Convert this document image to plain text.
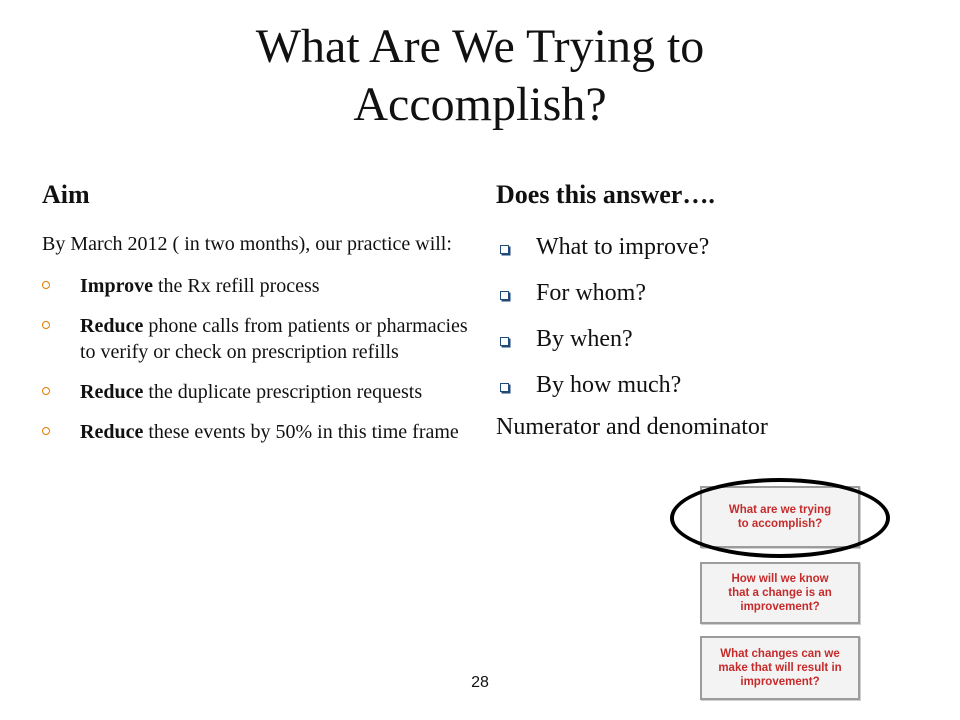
What Are We Trying to
Accomplish?
Aim
By March 2012 ( in two months), our practice will:
Improve the Rx refill process
Reduce phone calls from patients or pharmacies to verify or check on prescription refills
Reduce the duplicate prescription requests
Reduce these events by 50% in this time frame
Does this answer….
What to improve?
For whom?
By when?
By how much?
Numerator and denominator
What are we trying to accomplish?
How will we know that a change is an improvement?
What changes can we make that will result in improvement?
28
